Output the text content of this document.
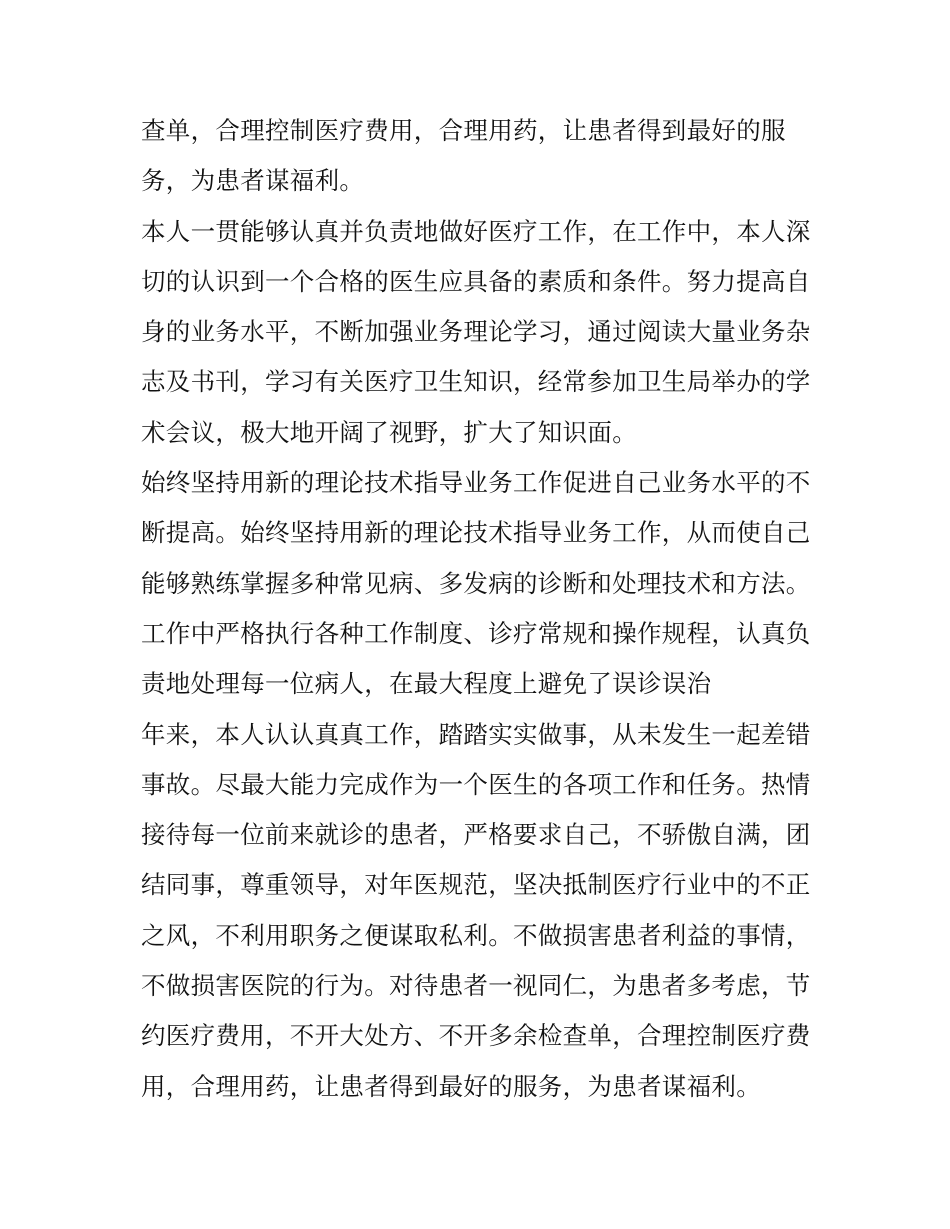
查单，合理控制医疗费用，合理用药，让患者得到最好的服
务，为患者谋福利。
本人一贯能够认真并负责地做好医疗工作，在工作中，本人深
切的认识到一个合格的医生应具备的素质和条件。努力提高自
身的业务水平，不断加强业务理论学习，通过阅读大量业务杂
志及书刊，学习有关医疗卫生知识，经常参加卫生局举办的学
术会议，极大地开阔了视野，扩大了知识面。
始终坚持用新的理论技术指导业务工作促进自己业务水平的不
断提高。始终坚持用新的理论技术指导业务工作，从而使自己
能够熟练掌握多种常见病、多发病的诊断和处理技术和方法。
工作中严格执行各种工作制度、诊疗常规和操作规程，认真负
责地处理每一位病人，在最大程度上避免了误诊误治
年来，本人认认真真工作，踏踏实实做事，从未发生一起差错
事故。尽最大能力完成作为一个医生的各项工作和任务。热情
接待每一位前来就诊的患者，严格要求自己，不骄傲自满，团
结同事，尊重领导，对年医规范，坚决抵制医疗行业中的不正
之风，不利用职务之便谋取私利。不做损害患者利益的事情，
不做损害医院的行为。对待患者一视同仁，为患者多考虑，节
约医疗费用，不开大处方、不开多余检查单，合理控制医疗费
用，合理用药，让患者得到最好的服务，为患者谋福利。
